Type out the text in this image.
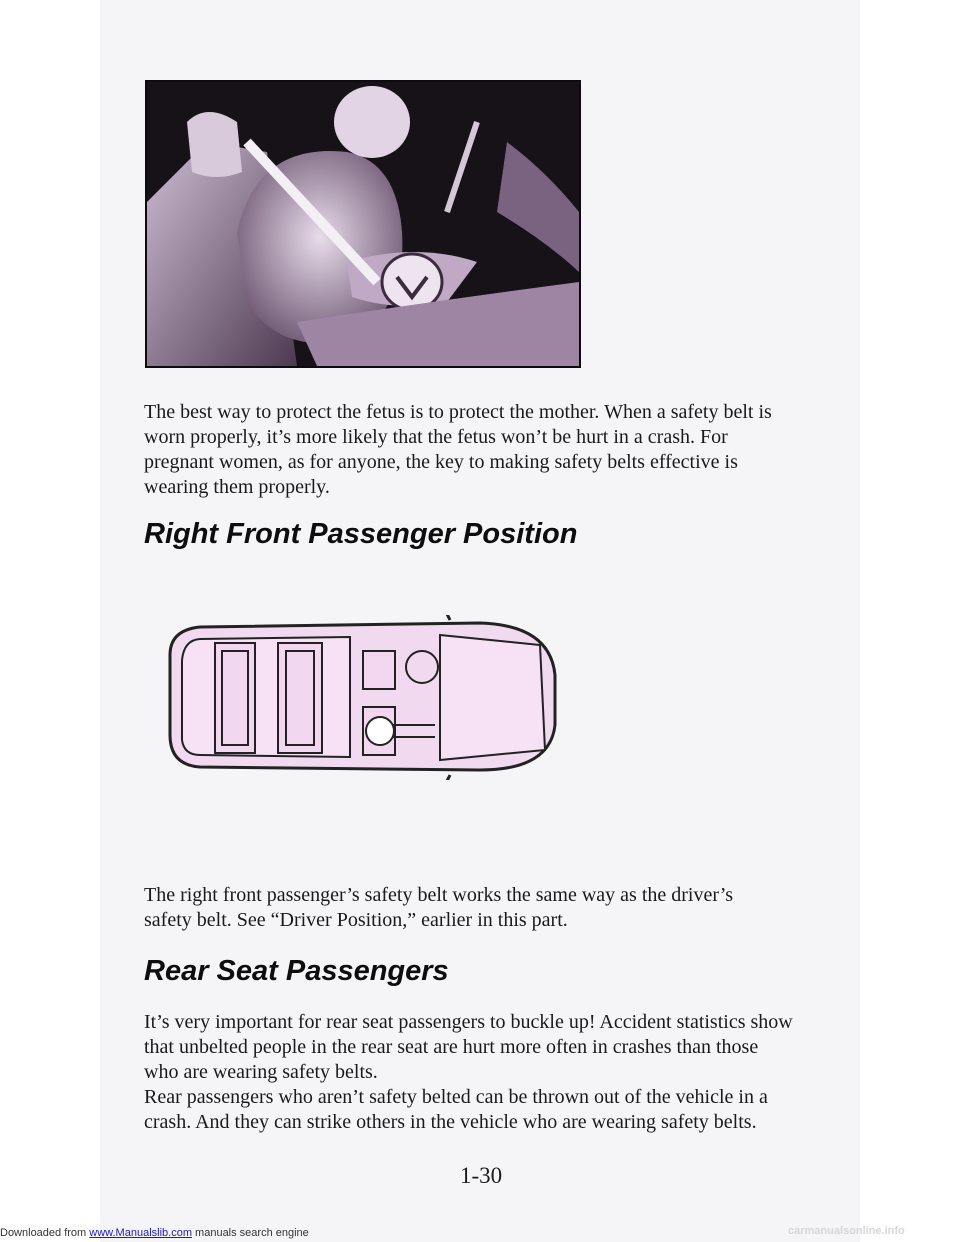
The best way to protect the fetus is to protect the mother. When a safety belt is worn properly, it’s more likely that the fetus won’t be hurt in a crash. For pregnant women, as for anyone, the key to making safety belts effective is wearing them properly.

Right Front Passenger Position

The right front passenger’s safety belt works the same way as the driver’s safety belt. See “Driver Position,” earlier in this part.

Rear Seat Passengers

It’s very important for rear seat passengers to buckle up! Accident statistics show that unbelted people in the rear seat are hurt more often in crashes than those who are wearing safety belts.

Rear passengers who aren’t safety belted can be thrown out of the vehicle in a crash. And they can strike others in the vehicle who are wearing safety belts.

1-30
Downloaded from www.Manualslib.com manuals search engine	carmanualsonline.info
